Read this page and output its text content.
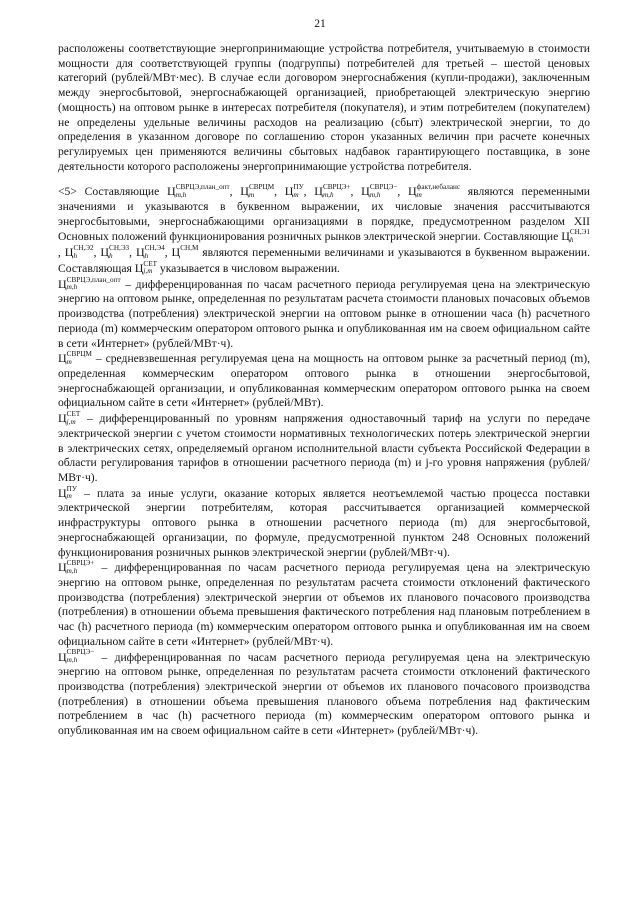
21

расположены соответствующие энергопринимающие устройства потребителя, учитываемую в стоимости мощности для соответствующей группы (подгруппы) потребителей для третьей – шестой ценовых категорий (рублей/МВт·мес). В случае если договором энергоснабжения (купли-продажи), заключенным между энергосбытовой, энергоснабжающей организацией, приобретающей электрическую энергию (мощность) на оптовом рынке в интересах потребителя (покупателя), и этим потребителем (покупателем) не определены удельные величины расходов на реализацию (сбыт) электрической энергии, то до определения в указанном договоре по соглашению сторон указанных величин при расчете конечных регулируемых цен применяются величины сбытовых надбавок гарантирующего поставщика, в зоне деятельности которого расположены энергопринимающие устройства потребителя.

<5> Составляющие Ц СВРЦЭ,план_опт
m,h	, Ц СВРЦМ
m	, Ц ПУ
m , Ц СВРЦЭ+
m,h	, Ц СВРЦЭ−
m,h	, Ц факт,небаланс
m	являются переменными значениями и указываются в буквенном выражении, их числовые значения рассчитываются энергосбытовыми, энергоснабжающими организациями в порядке, предусмотренном разделом XII Основных положений функционирования розничных рынков электрической энергии. Составляющие Ц СН,Э1
h
, Ц СН,Э2
h	, Ц СН,Э3
h	, Ц СН,Э4
h	, Ц СН,М
являются переменными величинами и указываются в буквенном выражении. Составляющая Ц СЕТ
j,m указывается в числовом выражении.

Ц СВРЦЭ,план_опт
m,h	– дифференцированная по часам расчетного периода регулируемая цена на электрическую энергию на оптовом рынке, определенная по результатам расчета стоимости плановых почасовых объемов производства (потребления) электрической энергии на оптовом рынке в отношении часа (h) расчетного периода (m) коммерческим оператором оптового рынка и опубликованная им на своем официальном сайте в сети «Интернет» (рублей/МВт·ч).

Ц СВРЦМ
m	– средневзвешенная регулируемая цена на мощность на оптовом рынке за расчетный период (m), определенная коммерческим оператором оптового рынка в отношении энергосбытовой, энергоснабжающей организации, и опубликованная коммерческим оператором оптового рынка на своем официальном сайте в сети «Интернет» (рублей/МВт).

Ц СЕТ
j,m – дифференцированный по уровням напряжения одноставочный тариф на услуги по передаче электрической энергии с учетом стоимости нормативных технологических потерь электрической энергии в электрических сетях, определяемый органом исполнительной власти субъекта Российской Федерации в области регулирования тарифов в отношении расчетного периода (m) и j-го уровня напряжения (рублей/МВт·ч).

Ц ПУ
m	– плата за иные услуги, оказание которых является неотъемлемой частью процесса поставки электрической энергии потребителям, которая рассчитывается организацией коммерческой инфраструктуры оптового рынка в отношении расчетного периода (m) для энергосбытовой, энергоснабжающей организации, по формуле, предусмотренной пунктом 248 Основных положений функционирования розничных рынков электрической энергии (рублей/МВт·ч).

Ц СВРЦЭ+
m,h	– дифференцированная по часам расчетного периода регулируемая цена на электрическую энергию на оптовом рынке, определенная по результатам расчета стоимости отклонений фактического производства (потребления) электрической энергии от объемов их планового почасового производства (потребления) в отношении объема превышения фактического потребления над плановым потреблением в час (h) расчетного периода (m) коммерческим оператором оптового рынка и опубликованная им на своем официальном сайте в сети «Интернет» (рублей/МВт·ч).

Ц СВРЦЭ−
m,h	– дифференцированная по часам расчетного периода регулируемая цена на электрическую энергию на оптовом рынке, определенная по результатам расчета стоимости отклонений фактического производства (потребления) электрической энергии от объемов их планового почасового производства (потребления) в отношении объема превышения планового объема потребления над фактическим потреблением в час (h) расчетного периода (m) коммерческим оператором оптового рынка и опубликованная им на своем официальном сайте в сети «Интернет» (рублей/МВт·ч).
